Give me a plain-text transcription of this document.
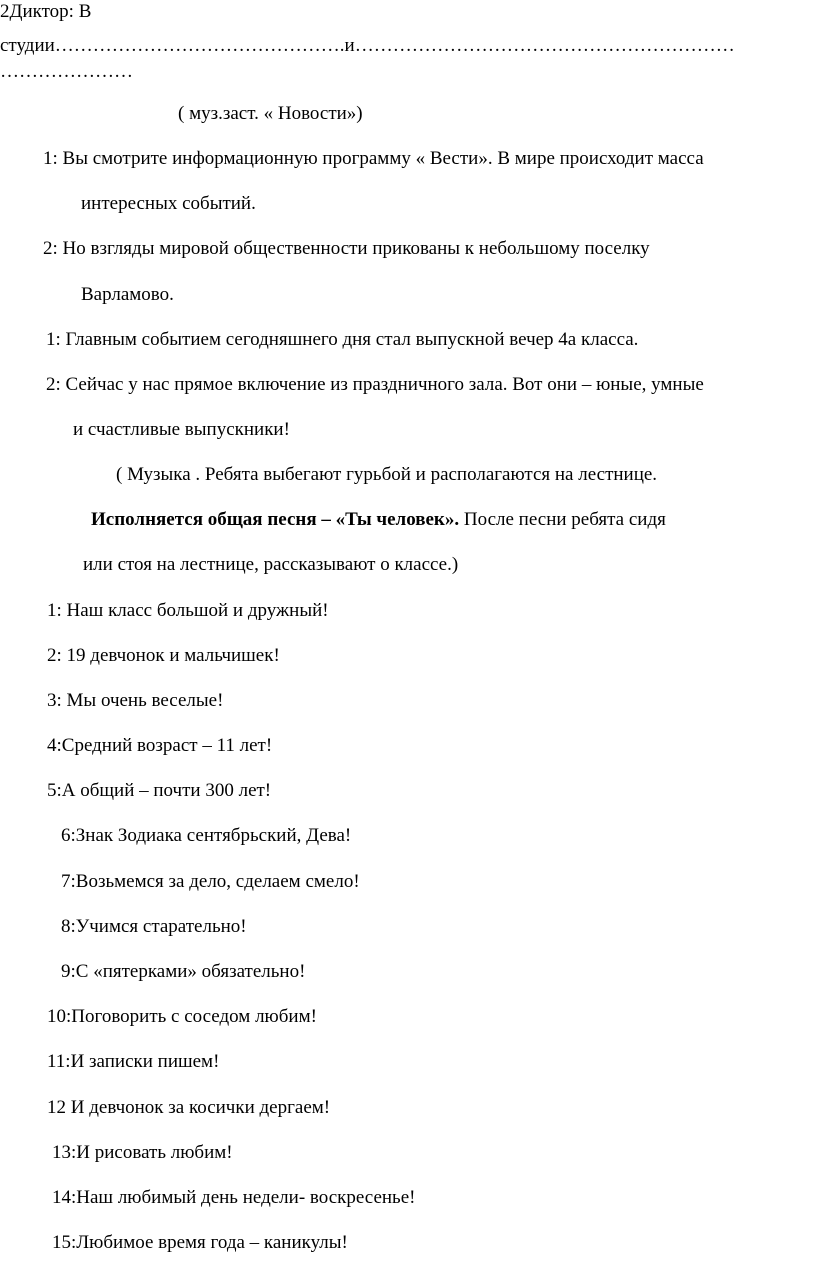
2Диктор: В
студии……………………………………….и……………………………………………………
…………………
( муз.заст. « Новости»)
1: Вы смотрите информационную программу « Вести». В мире происходит масса
интересных событий.
2: Но взгляды мировой общественности прикованы к небольшому поселку
Варламово.
1: Главным событием сегодняшнего дня стал выпускной вечер 4а класса.
2: Сейчас у нас прямое включение из праздничного зала. Вот они – юные, умные
и счастливые выпускники!
( Музыка . Ребята выбегают гурьбой и располагаются на лестнице.
Исполняется общая песня – «Ты человек». После песни ребята сидя
или стоя на лестнице, рассказывают о классе.)
1: Наш класс большой и дружный!
2: 19 девчонок и мальчишек!
3: Мы очень веселые!
4:Средний возраст – 11 лет!
5:А общий – почти 300 лет!
6:Знак Зодиака сентябрьский, Дева!
7:Возьмемся за дело, сделаем смело!
8:Учимся старательно!
9:С «пятерками» обязательно!
10:Поговорить с соседом любим!
11:И записки пишем!
12 И девчонок за косички дергаем!
13:И рисовать любим!
14:Наш любимый день недели- воскресенье!
15:Любимое время года – каникулы!
